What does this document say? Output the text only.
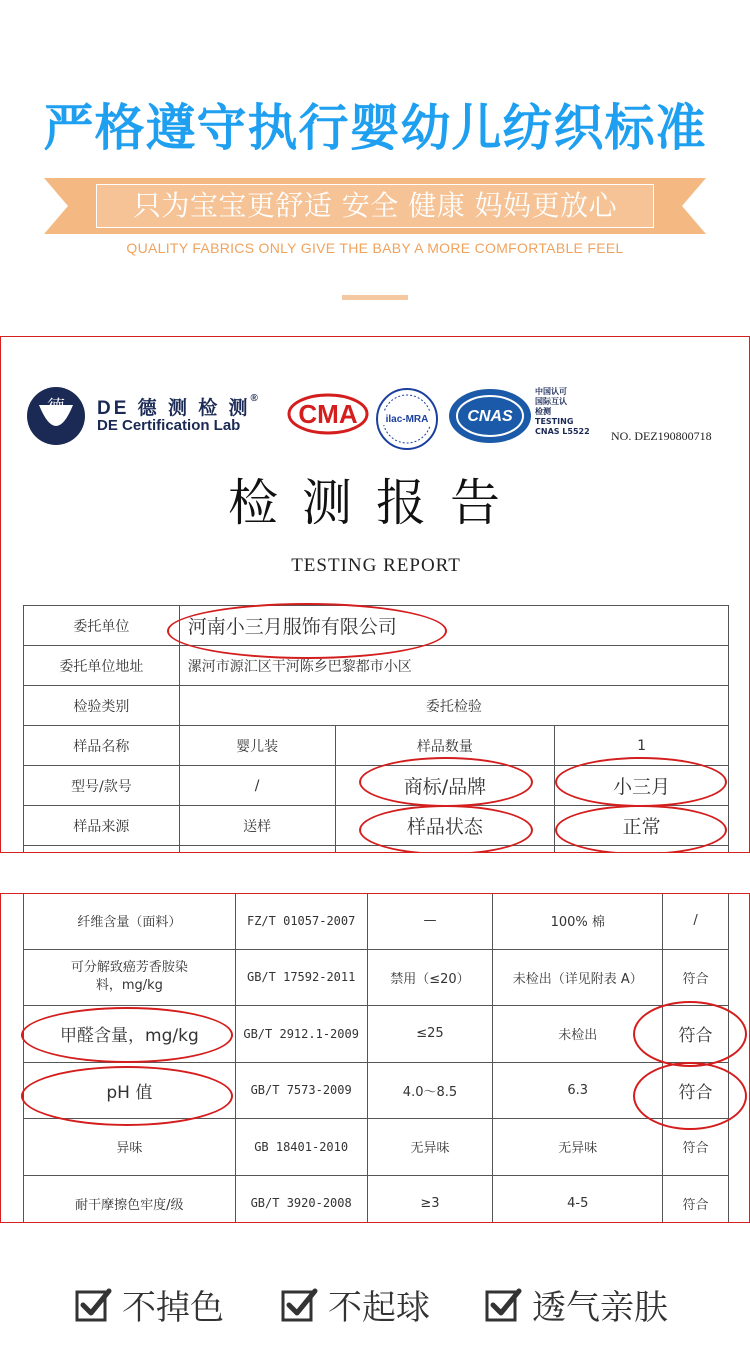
严格遵守执行婴幼儿纺织标准
只为宝宝更舒适 安全 健康 妈妈更放心
QUALITY FABRICS ONLY GIVE THE BABY A MORE COMFORTABLE FEEL
德 DE 德 测 检 测®
DE Certification Lab CMA	ilac-MRA CNAS
中国认可
国际互认
检测
TESTING
CNAS L5522 NO. DEZ190800718
检测报告
TESTING REPORT
委托单位	河南小三月服饰有限公司		
委托单位地址	漯河市源汇区干河陈乡巴黎都市小区		
检验类别	委托检验		
样品名称	婴儿装	样品数量	1
型号/款号	/	商标/品牌	小三月
样品来源	送样	样品状态	正常

纤维含量（面料）	FZ/T 01057-2007	—	100% 棉	/
可分解致癌芳香胺染料，mg/kg	GB/T 17592-2011	禁用（≤20）	未检出（详见附表 A）	符合
甲醛含量，mg/kg	GB/T 2912.1-2009	≤25	未检出	符合
pH 值	GB/T 7573-2009	4.0～8.5	6.3	符合
异味	GB 18401-2010	无异味	无异味	符合
耐干摩擦色牢度/级	GB/T 3920-2008	≥3	4-5	符合
不掉色	不起球	透气亲肤
